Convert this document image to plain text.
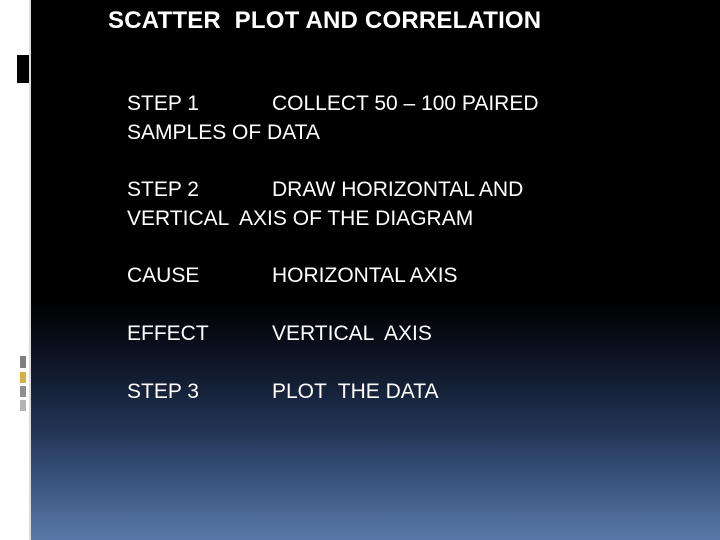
SCATTER  PLOT AND CORRELATION
STEP 1	COLLECT 50 – 100 PAIRED
SAMPLES OF DATA
STEP 2	DRAW HORIZONTAL AND
VERTICAL  AXIS OF THE DIAGRAM
CAUSE	HORIZONTAL AXIS
EFFECT	VERTICAL  AXIS
STEP 3	PLOT  THE DATA
